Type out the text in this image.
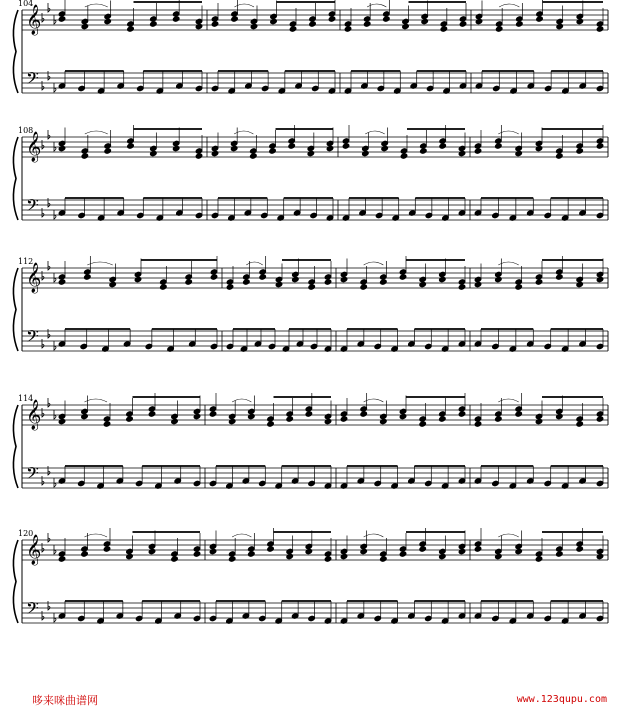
104
𝄞
𝄢
108
𝄞
𝄢
112
𝄞
𝄢
114
𝄞
𝄢
120
𝄞
𝄢
哆来咪曲谱网	www.123qupu.com
